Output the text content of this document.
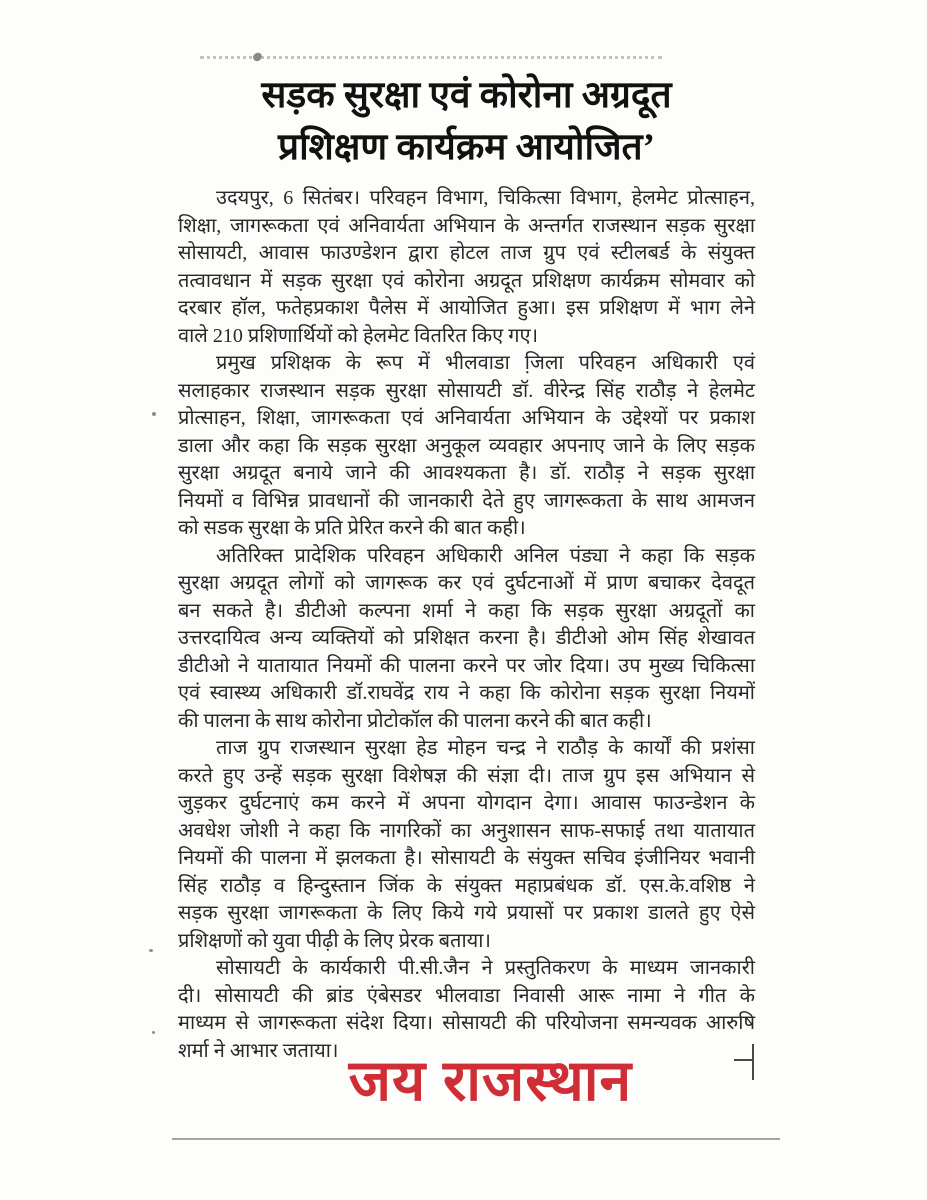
सड़क सुरक्षा एवं कोरोना अग्रदूत
प्रशिक्षण कार्यक्रम आयोजित’
उदयपुर, 6 सितंबर। परिवहन विभाग, चिकित्सा विभाग, हेलमेट प्रोत्साहन,
शिक्षा, जागरूकता एवं अनिवार्यता अभियान के अन्तर्गत राजस्थान सड़क सुरक्षा
सोसायटी, आवास फाउण्डेशन द्वारा होटल ताज ग्रुप एवं स्टीलबर्ड के संयुक्त
तत्वावधान में सड़क सुरक्षा एवं कोरोना अग्रदूत प्रशिक्षण कार्यक्रम सोमवार को
दरबार हॉल, फतेहप्रकाश पैलेस में आयोजित हुआ। इस प्रशिक्षण में भाग लेने
वाले 210 प्रशिणार्थियों को हेलमेट वितरित किए गए।
प्रमुख प्रशिक्षक के रूप में भीलवाडा जि़ला परिवहन अधिकारी एवं
सलाहकार राजस्थान सड़क सुरक्षा सोसायटी डॉ. वीरेन्द्र सिंह राठौड़ ने हेलमेट
प्रोत्साहन, शिक्षा, जागरूकता एवं अनिवार्यता अभियान के उद्देश्यों पर प्रकाश
डाला और कहा कि सड़क सुरक्षा अनुकूल व्यवहार अपनाए जाने के लिए सड़क
सुरक्षा अग्रदूत बनाये जाने की आवश्यकता है। डॉ. राठौड़ ने सड़क सुरक्षा
नियमों व विभिन्न प्रावधानों की जानकारी देते हुए जागरूकता के साथ आमजन
को सडक सुरक्षा के प्रति प्रेरित करने की बात कही।
अतिरिक्त प्रादेशिक परिवहन अधिकारी अनिल पंड्या ने कहा कि सड़क
सुरक्षा अग्रदूत लोगों को जागरूक कर एवं दुर्घटनाओं में प्राण बचाकर देवदूत
बन सकते है। डीटीओ कल्पना शर्मा ने कहा कि सड़क सुरक्षा अग्रदूतों का
उत्तरदायित्व अन्य व्यक्तियों को प्रशिक्षत करना है। डीटीओ ओम सिंह शेखावत
डीटीओ ने यातायात नियमों की पालना करने पर जोर दिया। उप मुख्य चिकित्सा
एवं स्वास्थ्य अधिकारी डॉ.राघवेंद्र राय ने कहा कि कोरोना सड़क सुरक्षा नियमों
की पालना के साथ कोरोना प्रोटोकॉल की पालना करने की बात कही।
ताज ग्रुप राजस्थान सुरक्षा हेड मोहन चन्द्र ने राठौड़ के कार्यों की प्रशंसा
करते हुए उन्हें सड़क सुरक्षा विशेषज्ञ की संज्ञा दी। ताज ग्रुप इस अभियान से
जुड़कर दुर्घटनाएं कम करने में अपना योगदान देगा। आवास फाउन्डेशन के
अवधेश जोशी ने कहा कि नागरिकों का अनुशासन साफ-सफाई तथा यातायात
नियमों की पालना में झलकता है। सोसायटी के संयुक्त सचिव इंजीनियर भवानी
सिंह राठौड़ व हिन्दुस्तान जिंक के संयुक्त महाप्रबंधक डॉ. एस.के.वशिष्ठ ने
सड़क सुरक्षा जागरूकता के लिए किये गये प्रयासों पर प्रकाश डालते हुए ऐसे
प्रशिक्षणों को युवा पीढ़ी के लिए प्रेरक बताया।
सोसायटी के कार्यकारी पी.सी.जैन ने प्रस्तुतिकरण के माध्यम जानकारी
दी। सोसायटी की ब्रांड एंबेसडर भीलवाडा निवासी आरू नामा ने गीत के
माध्यम से जागरूकता संदेश दिया। सोसायटी की परियोजना समन्यवक आरुषि
शर्मा ने आभार जताया। जय राजस्थान
